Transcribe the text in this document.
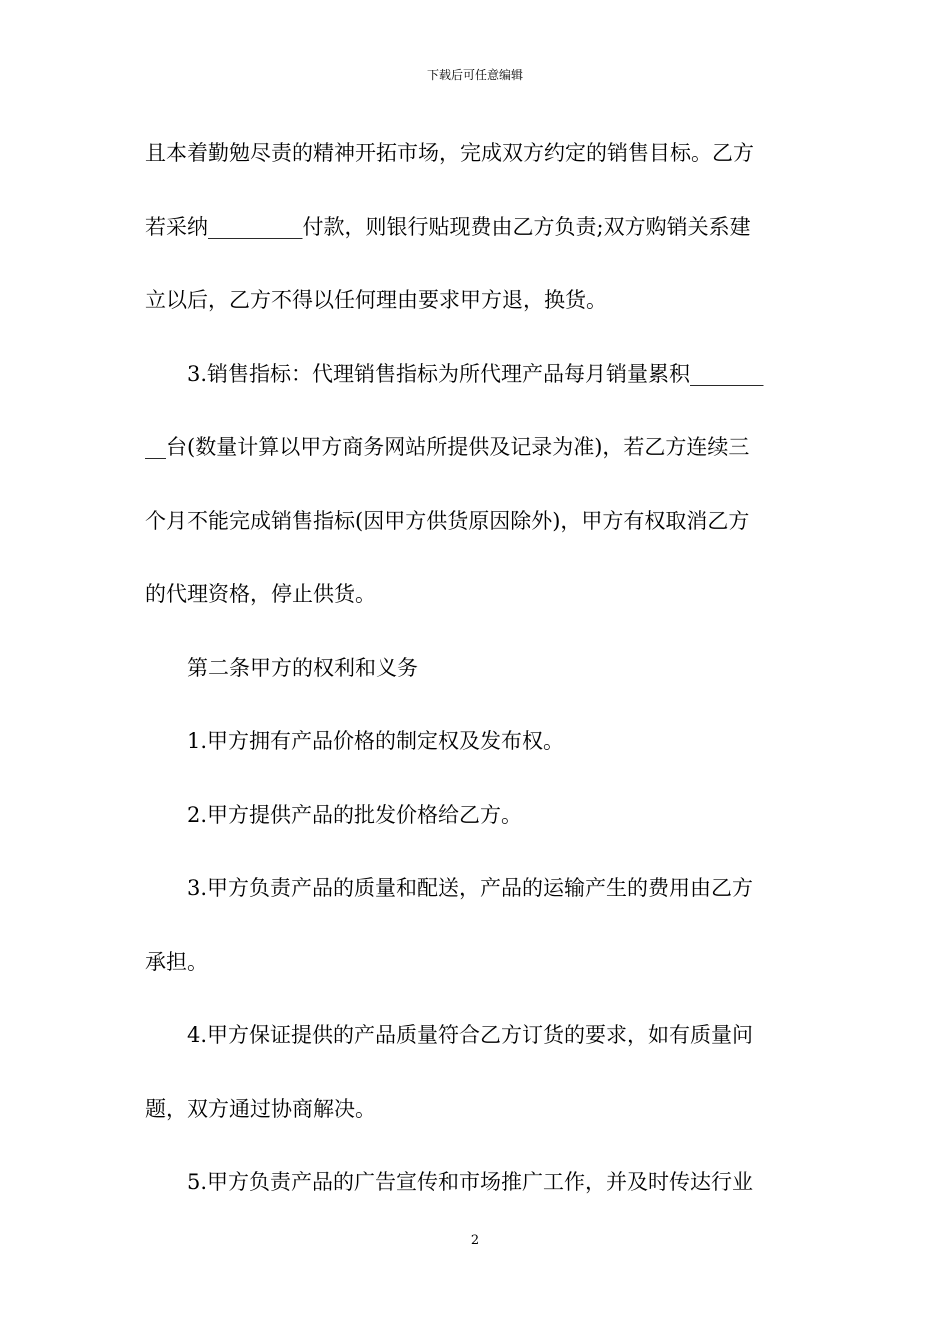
下载后可任意编辑
且本着勤勉尽责的精神开拓市场，完成双方约定的销售目标。乙方
若采纳_________付款，则银行贴现费由乙方负责;双方购销关系建
立以后，乙方不得以任何理由要求甲方退，换货。
3.销售指标：代理销售指标为所代理产品每月销量累积_______
__台(数量计算以甲方商务网站所提供及记录为准)，若乙方连续三
个月不能完成销售指标(因甲方供货原因除外)，甲方有权取消乙方
的代理资格，停止供货。
第二条甲方的权利和义务
1.甲方拥有产品价格的制定权及发布权。
2.甲方提供产品的批发价格给乙方。
3.甲方负责产品的质量和配送，产品的运输产生的费用由乙方
承担。
4.甲方保证提供的产品质量符合乙方订货的要求，如有质量问
题，双方通过协商解决。
5.甲方负责产品的广告宣传和市场推广工作，并及时传达行业
2
